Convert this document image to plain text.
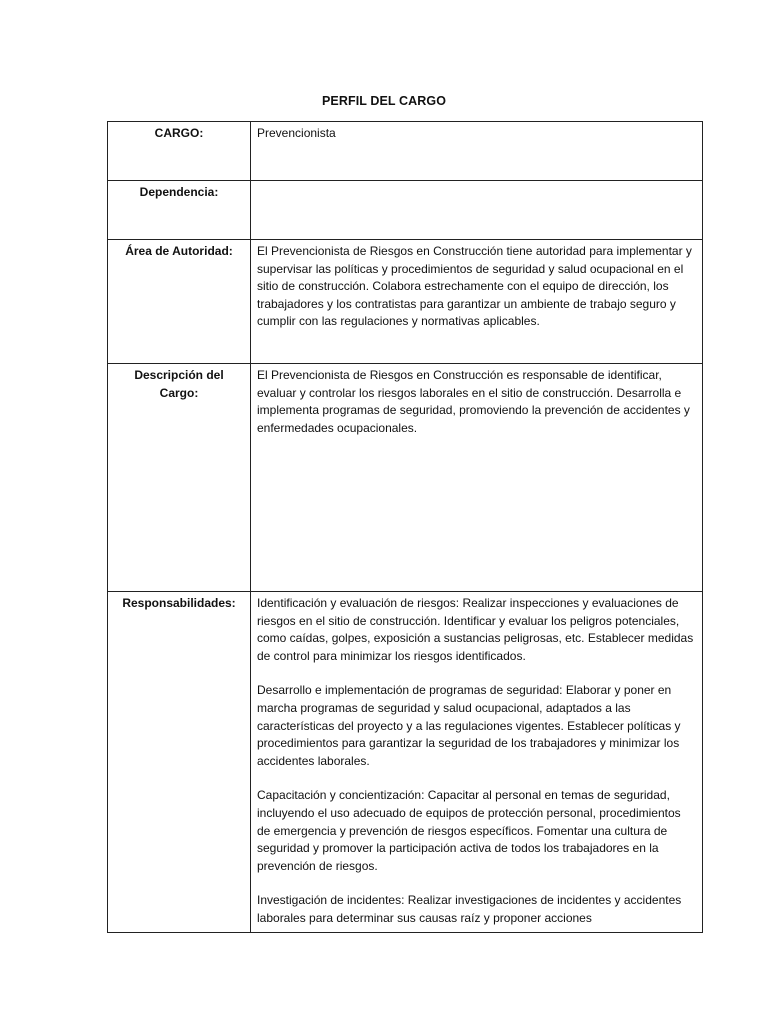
PERFIL DEL CARGO
CARGO:	Prevencionista
Dependencia:	
Área de Autoridad:	El Prevencionista de Riesgos en Construcción tiene autoridad para implementar y supervisar las políticas y procedimientos de seguridad y salud ocupacional en el sitio de construcción. Colabora estrechamente con el equipo de dirección, los trabajadores y los contratistas para garantizar un ambiente de trabajo seguro y cumplir con las regulaciones y normativas aplicables.
Descripción del Cargo:	El Prevencionista de Riesgos en Construcción es responsable de identificar, evaluar y controlar los riesgos laborales en el sitio de construcción. Desarrolla e implementa programas de seguridad, promoviendo la prevención de accidentes y enfermedades ocupacionales.
Responsabilidades:	Identificación y evaluación de riesgos: Realizar inspecciones y evaluaciones de riesgos en el sitio de construcción. Identificar y evaluar los peligros potenciales, como caídas, golpes, exposición a sustancias peligrosas, etc. Establecer medidas de control para minimizar los riesgos identificados.

Desarrollo e implementación de programas de seguridad: Elaborar y poner en marcha programas de seguridad y salud ocupacional, adaptados a las características del proyecto y a las regulaciones vigentes. Establecer políticas y procedimientos para garantizar la seguridad de los trabajadores y minimizar los accidentes laborales.

Capacitación y concientización: Capacitar al personal en temas de seguridad, incluyendo el uso adecuado de equipos de protección personal, procedimientos de emergencia y prevención de riesgos específicos. Fomentar una cultura de seguridad y promover la participación activa de todos los trabajadores en la prevención de riesgos.

Investigación de incidentes: Realizar investigaciones de incidentes y accidentes laborales para determinar sus causas raíz y proponer acciones
